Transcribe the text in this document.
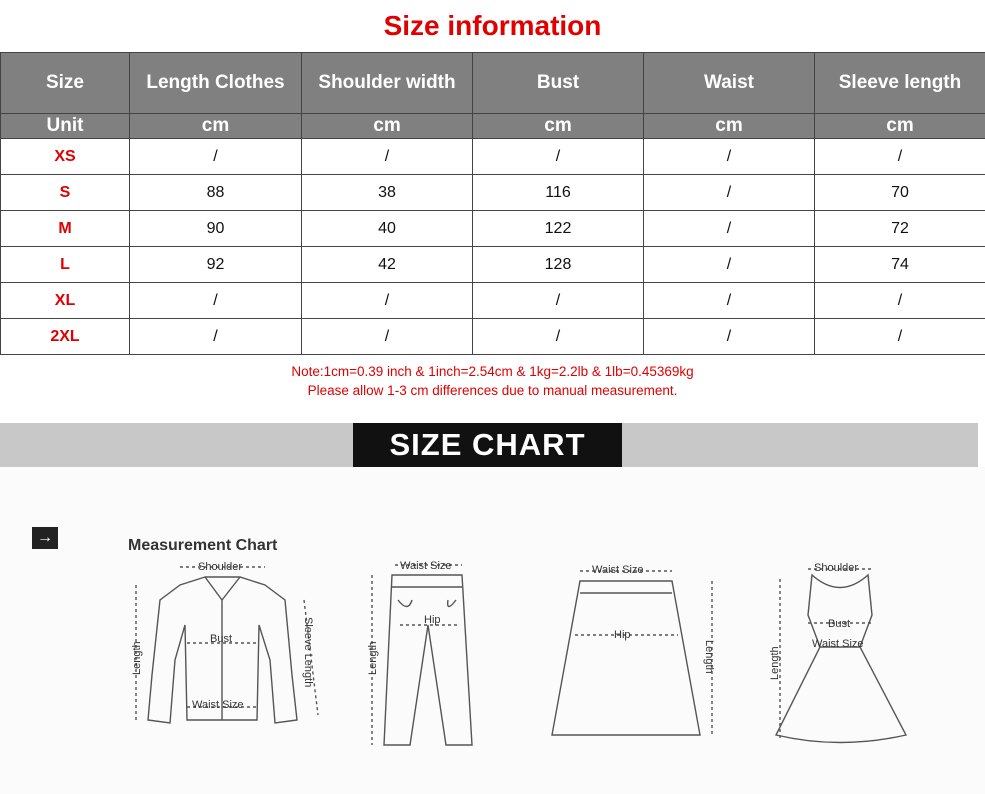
Size information
Size	Length Clothes	Shoulder width	Bust	Waist	Sleeve length
Unit	cm	cm	cm	cm	cm
XS	/	/	/	/	/
S	88	38	116	/	70
M	90	40	122	/	72
L	92	42	128	/	74
XL	/	/	/	/	/
2XL	/	/	/	/	/
Note:1cm=0.39 inch & 1inch=2.54cm & 1kg=2.2lb & 1lb=0.45369kg
Please allow 1-3 cm differences due to manual measurement.
SIZE CHART
→	Measurement Chart
Shoulder
Bust
Waist Size
Length	Sleeve Length
Waist Size
Hip
Length
Waist Size
Hip
Length
Shoulder
Bust
Waist Size
Length
